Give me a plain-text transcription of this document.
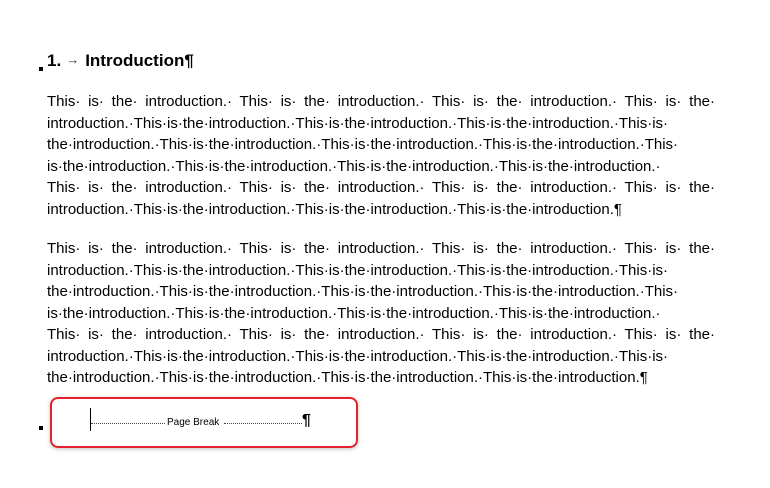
1. → Introduction¶
This· is· the· introduction.· This· is· the· introduction.· This· is· the· introduction.· This· is· the·
introduction.·This·is·the·introduction.·This·is·the·introduction.·This·is·the·introduction.·This·is·
the·introduction.·This·is·the·introduction.·This·is·the·introduction.·This·is·the·introduction.·This·
is·the·introduction.·This·is·the·introduction.·This·is·the·introduction.·This·is·the·introduction.·
This· is· the· introduction.· This· is· the· introduction.· This· is· the· introduction.· This· is· the·
introduction.·This·is·the·introduction.·This·is·the·introduction.·This·is·the·introduction.¶
This· is· the· introduction.· This· is· the· introduction.· This· is· the· introduction.· This· is· the·
introduction.·This·is·the·introduction.·This·is·the·introduction.·This·is·the·introduction.·This·is·
the·introduction.·This·is·the·introduction.·This·is·the·introduction.·This·is·the·introduction.·This·
is·the·introduction.·This·is·the·introduction.·This·is·the·introduction.·This·is·the·introduction.·
This· is· the· introduction.· This· is· the· introduction.· This· is· the· introduction.· This· is· the·
introduction.·This·is·the·introduction.·This·is·the·introduction.·This·is·the·introduction.·This·is·
the·introduction.·This·is·the·introduction.·This·is·the·introduction.·This·is·the·introduction.¶
Page Break	¶
